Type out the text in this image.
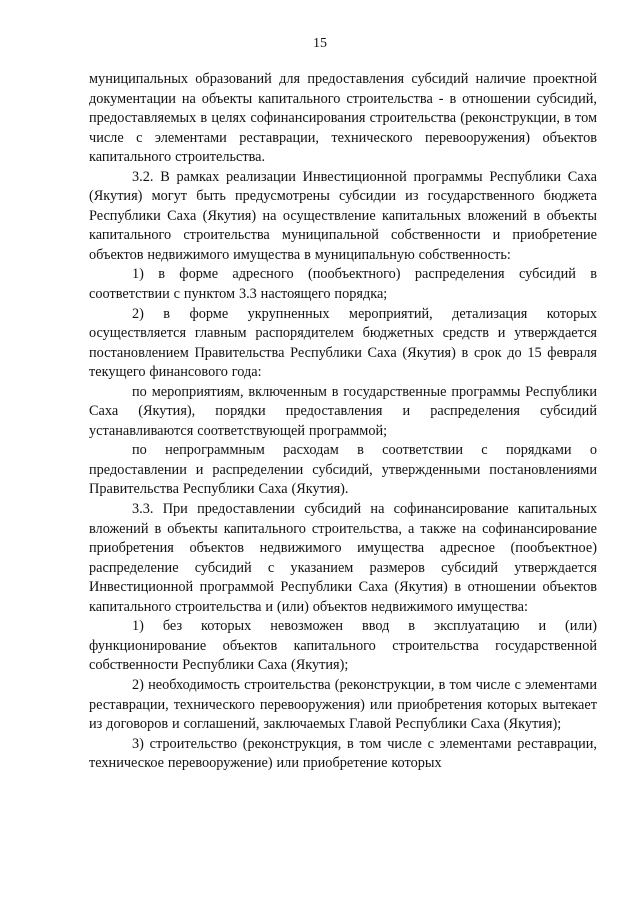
15

муниципальных образований для предоставления субсидий наличие проектной документации на объекты капитального строительства - в отношении субсидий, предоставляемых в целях софинансирования строительства (реконструкции, в том числе с элементами реставрации, технического перевооружения) объектов капитального строительства.

3.2. В рамках реализации Инвестиционной программы Республики Саха (Якутия) могут быть предусмотрены субсидии из государственного бюджета Республики Саха (Якутия) на осуществление капитальных вложений в объекты капитального строительства муниципальной собственности и приобретение объектов недвижимого имущества в муниципальную собственность:

1) в форме адресного (пообъектного) распределения субсидий в соответствии с пунктом 3.3 настоящего порядка;

2) в форме укрупненных мероприятий, детализация которых осуществляется главным распорядителем бюджетных средств и утверждается постановлением Правительства Республики Саха (Якутия) в срок до 15 февраля текущего финансового года:

по мероприятиям, включенным в государственные программы Республики Саха (Якутия), порядки предоставления и распределения субсидий устанавливаются соответствующей программой;

по непрограммным расходам в соответствии с порядками о предоставлении и распределении субсидий, утвержденными постановлениями Правительства Республики Саха (Якутия).

3.3. При предоставлении субсидий на софинансирование капитальных вложений в объекты капитального строительства, а также на софинансирование приобретения объектов недвижимого имущества адресное (пообъектное) распределение субсидий с указанием размеров субсидий утверждается Инвестиционной программой Республики Саха (Якутия) в отношении объектов капитального строительства и (или) объектов недвижимого имущества:

1) без которых невозможен ввод в эксплуатацию и (или) функционирование объектов капитального строительства государственной собственности Республики Саха (Якутия);

2) необходимость строительства (реконструкции, в том числе с элементами реставрации, технического перевооружения) или приобретения которых вытекает из договоров и соглашений, заключаемых Главой Республики Саха (Якутия);

3) строительство (реконструкция, в том числе с элементами реставрации, техническое перевооружение) или приобретение которых
